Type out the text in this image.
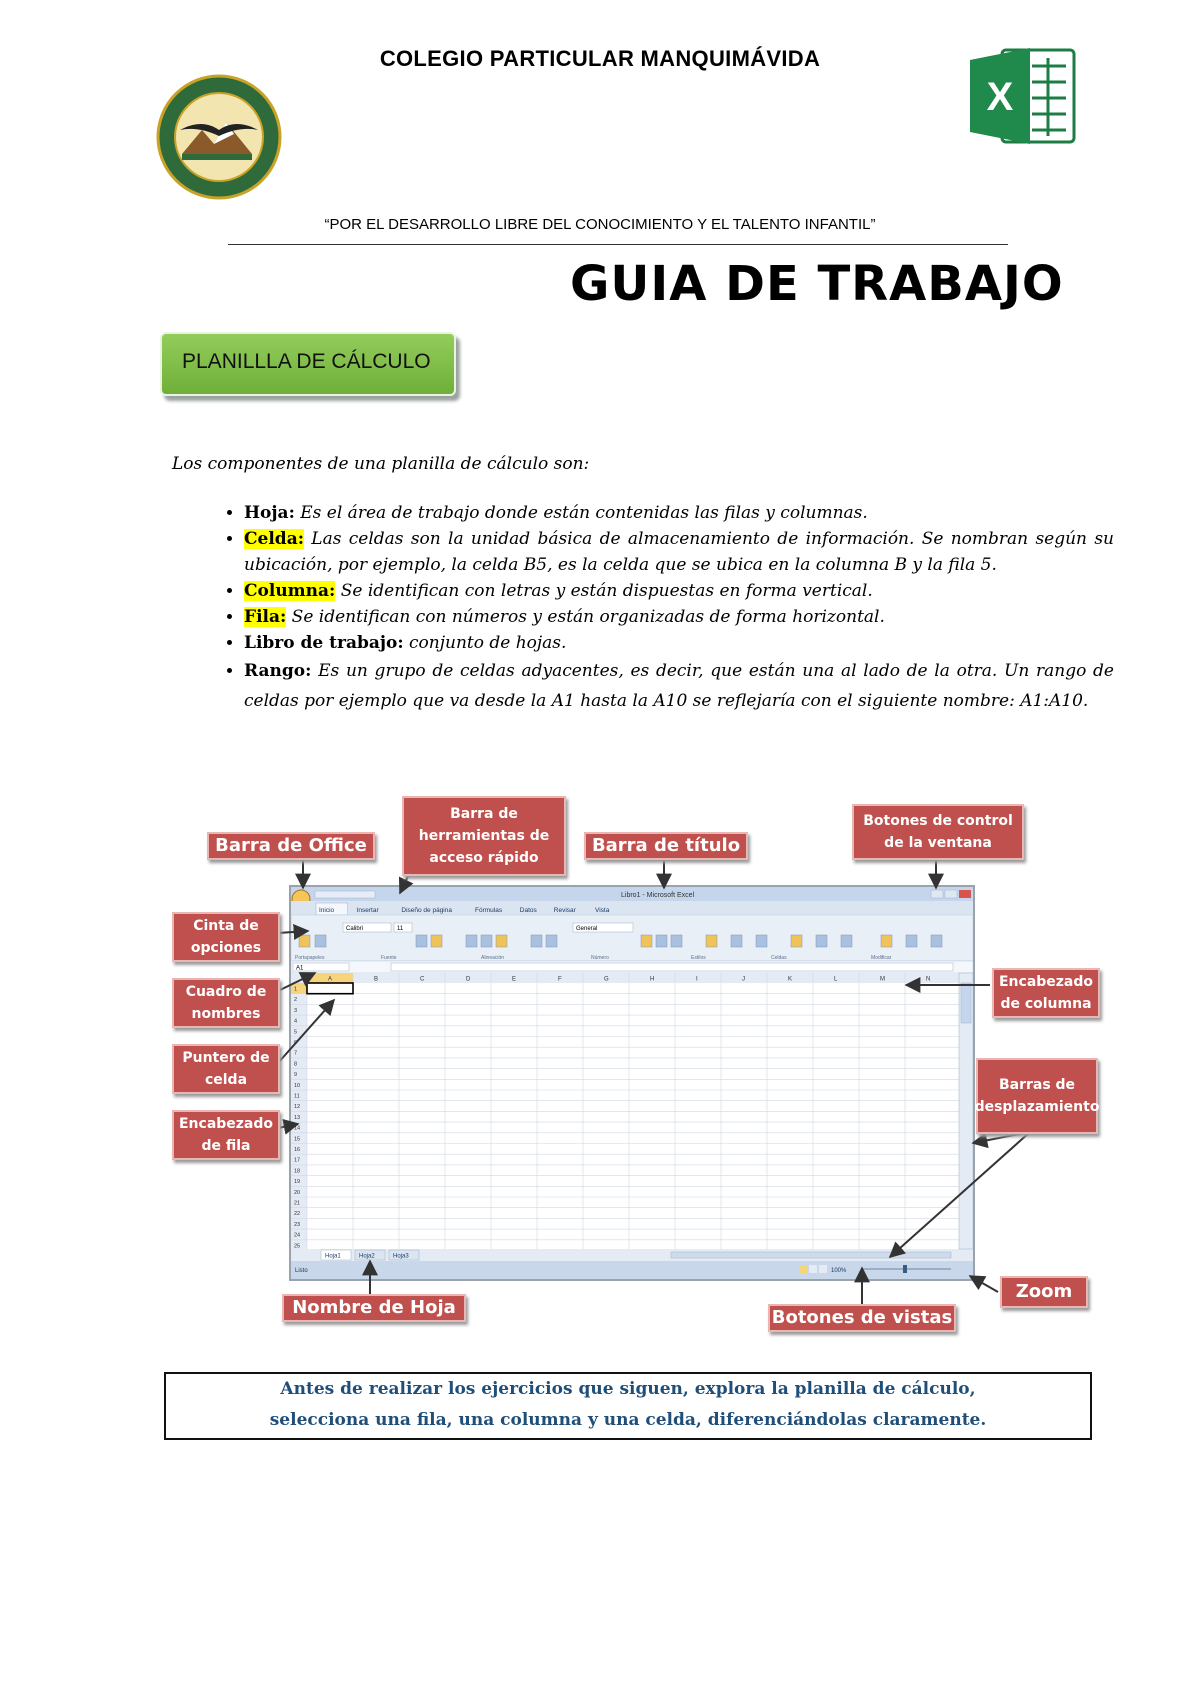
COLEGIO PARTICULAR MANQUIMÁVIDA
X
“POR EL DESARROLLO LIBRE DEL CONOCIMIENTO Y EL TALENTO INFANTIL”
GUIA DE TRABAJO
PLANILLLA DE CÁLCULO
Los componentes de una planilla de cálculo son:
• Hoja: Es el área de trabajo donde están contenidas las filas y columnas.
• Celda: Las celdas son la unidad básica de almacenamiento de información. Se nombran según su ubicación, por ejemplo, la celda B5, es la celda que se ubica en la columna B y la fila 5.
• Columna: Se identifican con letras y están dispuestas en forma vertical.
• Fila: Se identifican con números y están organizadas de forma horizontal.
• Libro de trabajo: conjunto de hojas.
• Rango: Es un grupo de celdas adyacentes, es decir, que están una al lado de la otra. Un rango de celdas por ejemplo que va desde la A1 hasta la A10 se reflejaría con el siguiente nombre: A1:A10.
Libro1 - Microsoft Excel
Inicio	Insertar	Diseño de página	Fórmulas	Datos	Revisar	Vista
Calibri	11	General
Portapapeles	Fuente	Alineación	Número	Estilos	Celdas	Modificar
A1
A	B	C	D	E	F	G	H	I	J	K	L	M	N
1
2
3
4
5
6
7
8
9
10
11
12
13
14
15
16
17
18
19
20
21
22
23
24
25
Hoja1	Hoja2	Hoja3
Listo	100%
Barra de Office
Barra de herramientas de acceso rápido
Barra de título
Botones de control de la ventana
Cinta de opciones
Cuadro de nombres
Puntero de celda
Encabezado de fila
Encabezado de columna
Barras de desplazamiento
Nombre de Hoja	Botones de vistas
Zoom
Antes de realizar los ejercicios que siguen, explora la planilla de cálculo,
selecciona una fila, una columna y una celda, diferenciándolas claramente.
